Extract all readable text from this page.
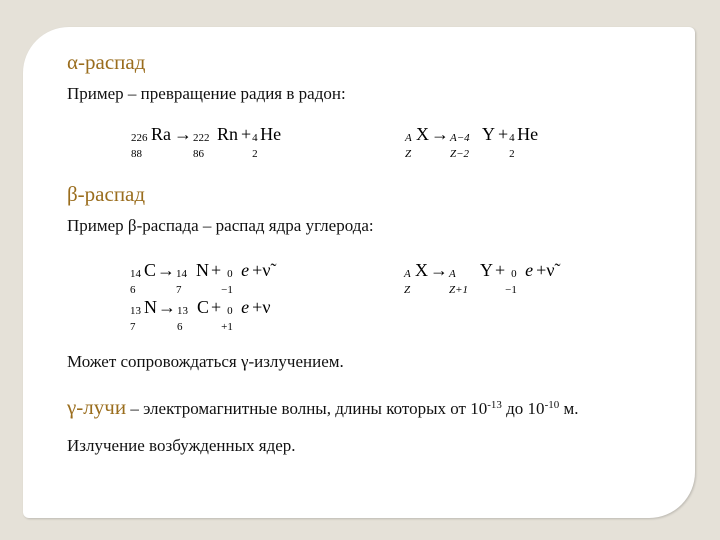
α-распад
Пример – превращение радия в радон:
226
88
Ra → 222
86
Rn + 4
2
He	A
Z
X → A−4
Z−2
Y + 4
2
He
β-распад
Пример β-распада – распад ядра углерода:
14
6
C→ 14
7
N + 0
−1
e +ν̃	A
Z
X → A
Z+1
Y + 0
−1
e +ν̃
13
7
N→ 13
6
C + 0
+1
e +ν
Может сопровождаться γ-излучением.
γ-лучи – электромагнитные волны, длины которых от $10^{-13}$ до $10^{-10}$ м.
Излучение возбужденных ядер.
